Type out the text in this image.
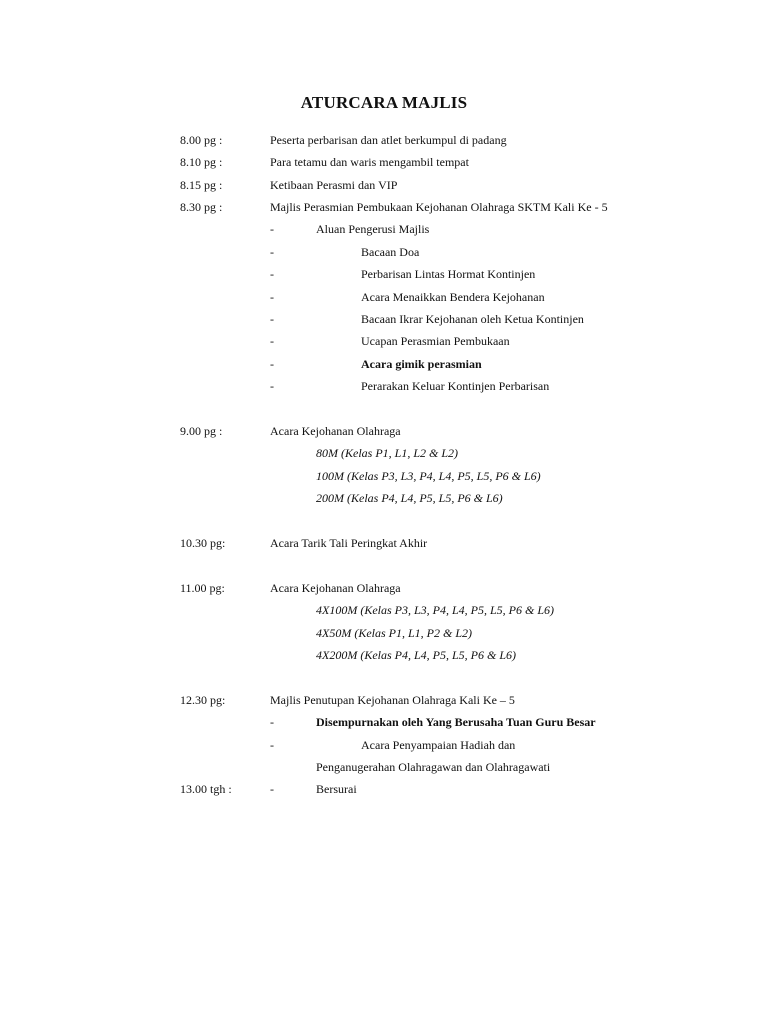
ATURCARA MAJLIS
8.00 pg :	Peserta perbarisan dan atlet berkumpul di padang
8.10 pg :	Para tetamu dan waris mengambil tempat
8.15 pg :	Ketibaan Perasmi dan VIP
8.30 pg :	Majlis Perasmian Pembukaan Kejohanan Olahraga SKTM Kali Ke - 5
-	Aluan Pengerusi Majlis
-	Bacaan Doa
-	Perbarisan Lintas Hormat Kontinjen
-	Acara Menaikkan Bendera Kejohanan
-	Bacaan Ikrar Kejohanan oleh Ketua Kontinjen
-	Ucapan Perasmian Pembukaan
-	Acara gimik perasmian
-	Perarakan Keluar Kontinjen Perbarisan
9.00 pg :	Acara Kejohanan Olahraga
80M (Kelas P1, L1, L2 & L2)
100M (Kelas P3, L3, P4, L4, P5, L5, P6 & L6)
200M (Kelas P4, L4, P5, L5, P6 & L6)
10.30 pg:	Acara Tarik Tali Peringkat Akhir
11.00 pg:	Acara Kejohanan Olahraga
4X100M (Kelas P3, L3, P4, L4, P5, L5, P6 & L6)
4X50M (Kelas P1, L1, P2 & L2)
4X200M (Kelas P4, L4, P5, L5, P6 & L6)
12.30 pg:	Majlis Penutupan Kejohanan Olahraga Kali Ke – 5
-	Disempurnakan oleh Yang Berusaha Tuan Guru Besar
-	Acara Penyampaian Hadiah dan
Penganugerahan Olahragawan dan Olahragawati
13.00 tgh :	-	Bersurai
